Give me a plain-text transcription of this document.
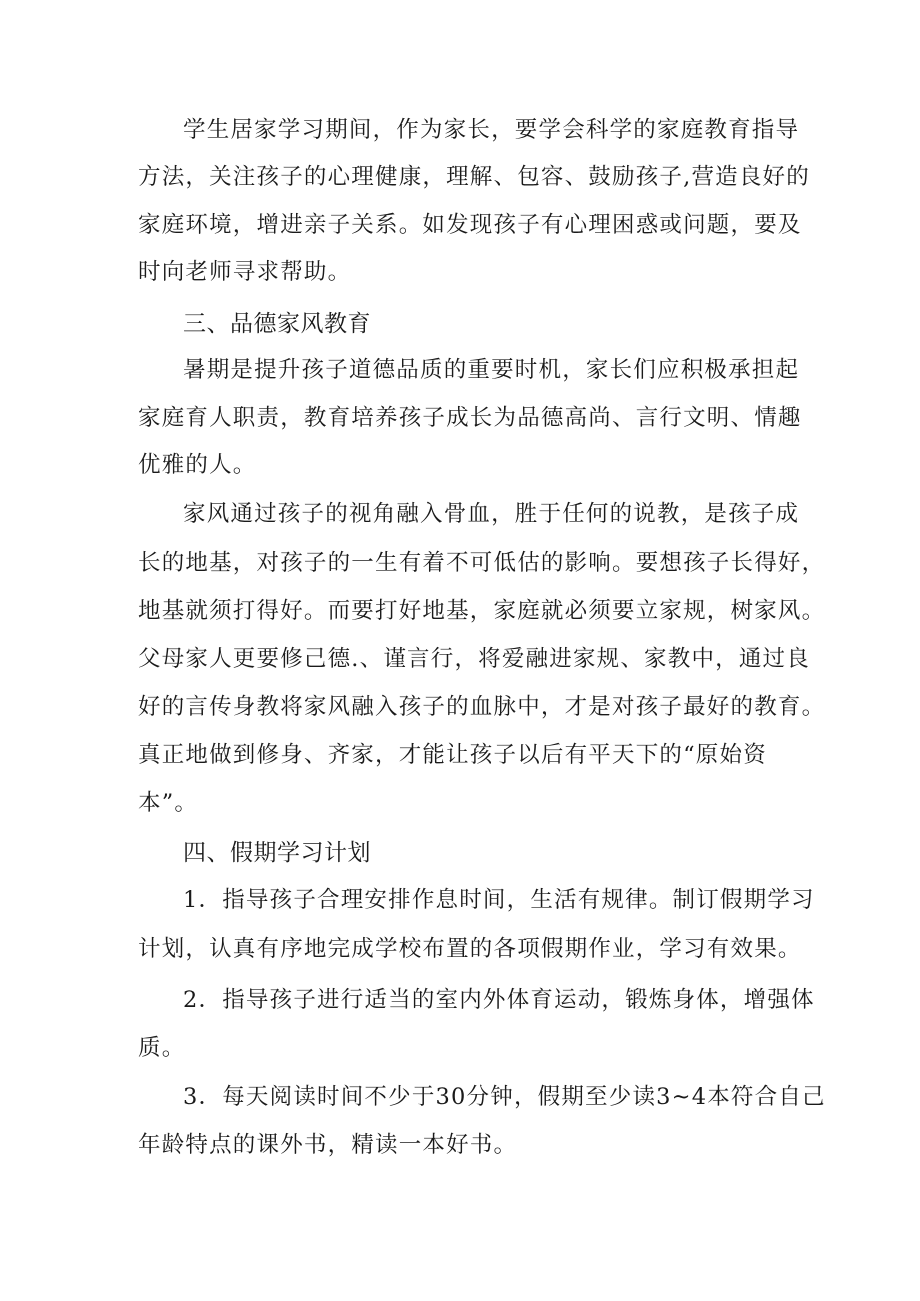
学生居家学习期间，作为家长，要学会科学的家庭教育指导
方法，关注孩子的心理健康，理解、包容、鼓励孩子,营造良好的
家庭环境，增进亲子关系。如发现孩子有心理困惑或问题，要及
时向老师寻求帮助。
三、品德家风教育
暑期是提升孩子道德品质的重要时机，家长们应积极承担起
家庭育人职责，教育培养孩子成长为品德高尚、言行文明、情趣
优雅的人。
家风通过孩子的视角融入骨血，胜于任何的说教，是孩子成
长的地基，对孩子的一生有着不可低估的影响。要想孩子长得好，
地基就须打得好。而要打好地基，家庭就必须要立家规，树家风。
父母家人更要修己德.、谨言行，将爱融进家规、家教中，通过良
好的言传身教将家风融入孩子的血脉中，才是对孩子最好的教育。
真正地做到修身、齐家，才能让孩子以后有平天下的“原始资
本”。
四、假期学习计划
1．指导孩子合理安排作息时间，生活有规律。制订假期学习
计划，认真有序地完成学校布置的各项假期作业，学习有效果。
2．指导孩子进行适当的室内外体育运动，锻炼身体，增强体
质。
3．每天阅读时间不少于30分钟，假期至少读3~4本符合自己
年龄特点的课外书，精读一本好书。
